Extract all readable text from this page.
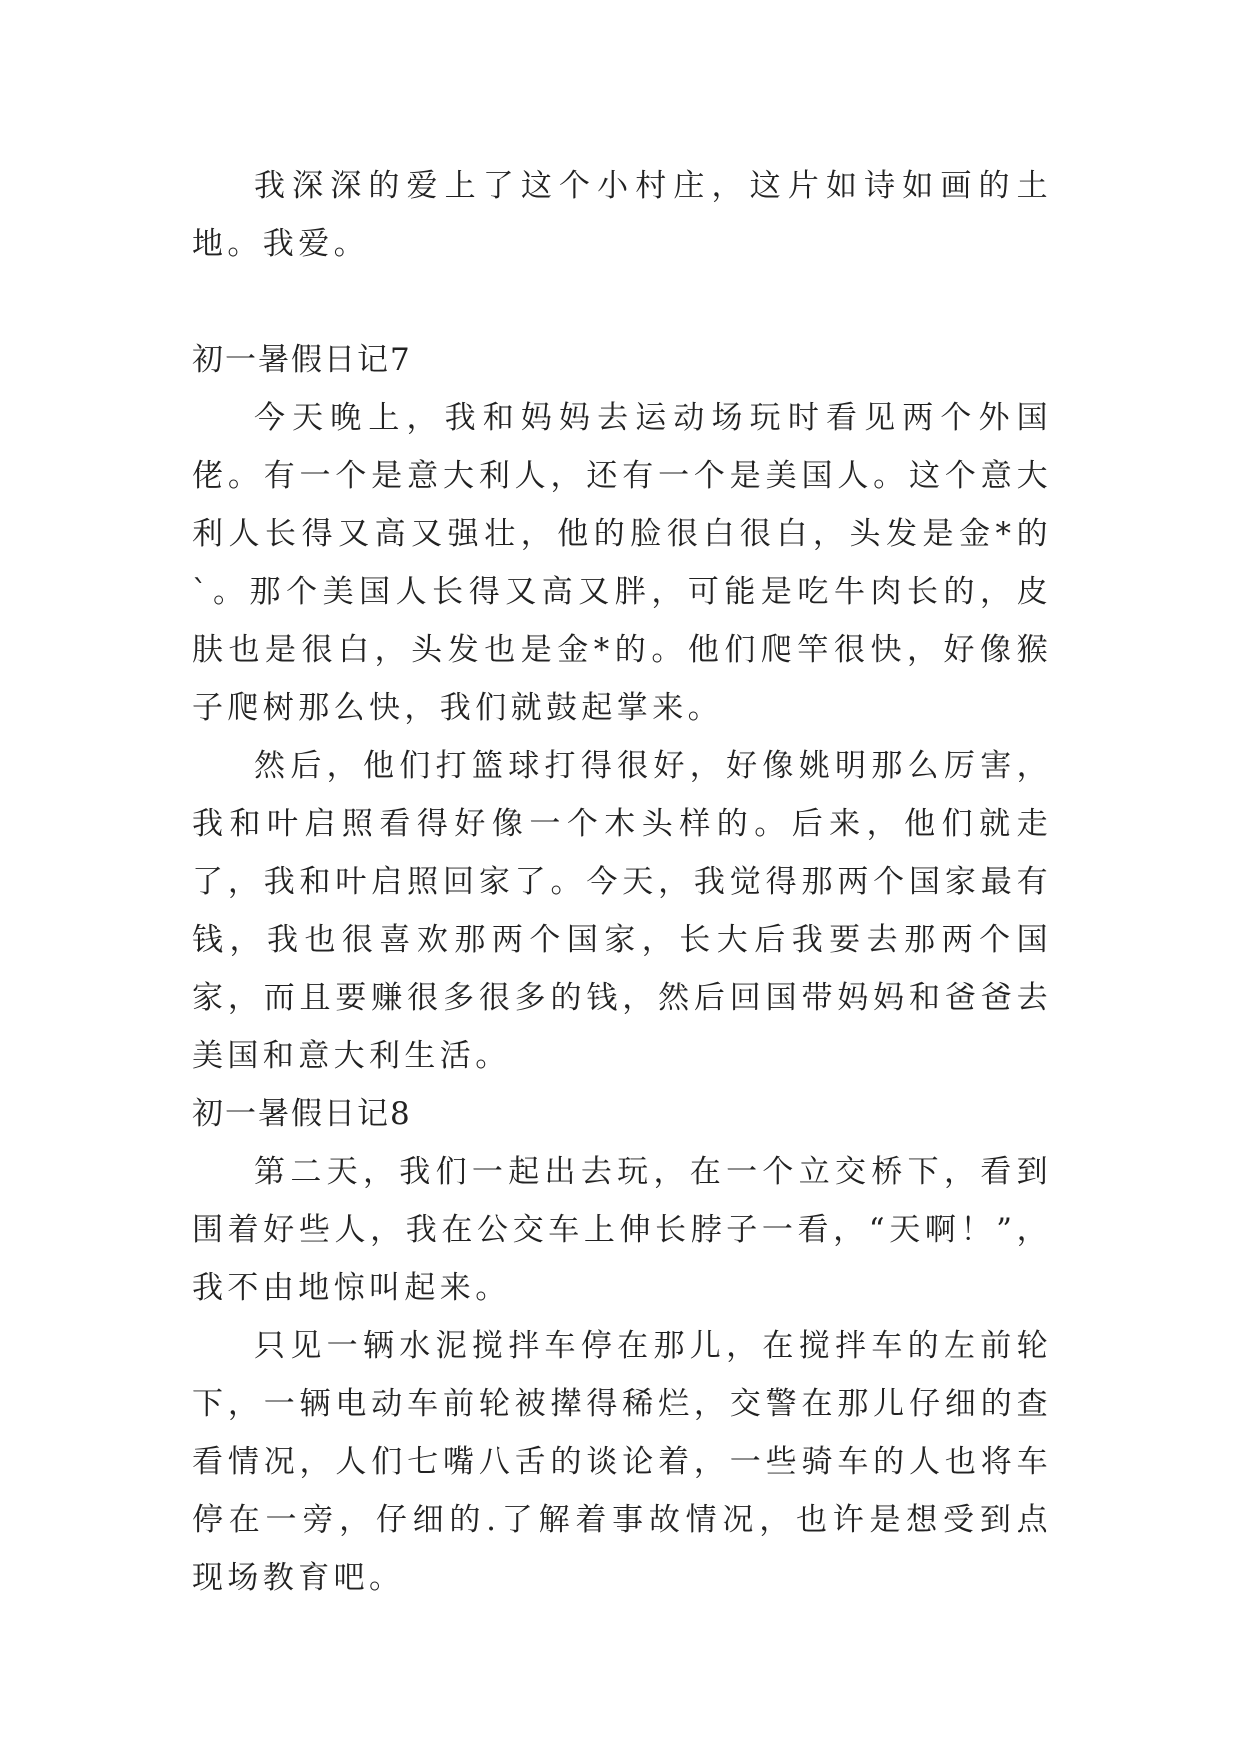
我深深的爱上了这个小村庄，这片如诗如画的土地。我爱。

初一暑假日记7

今天晚上，我和妈妈去运动场玩时看见两个外国佬。有一个是意大利人，还有一个是美国人。这个意大利人长得又高又强壮，他的脸很白很白，头发是金*的`。那个美国人长得又高又胖，可能是吃牛肉长的，皮肤也是很白，头发也是金*的。他们爬竿很快，好像猴子爬树那么快，我们就鼓起掌来。

然后，他们打篮球打得很好，好像姚明那么厉害，我和叶启照看得好像一个木头样的。后来，他们就走了，我和叶启照回家了。今天，我觉得那两个国家最有钱，我也很喜欢那两个国家，长大后我要去那两个国家，而且要赚很多很多的钱，然后回国带妈妈和爸爸去美国和意大利生活。

初一暑假日记8

第二天，我们一起出去玩，在一个立交桥下，看到围着好些人，我在公交车上伸长脖子一看，“天啊！”，我不由地惊叫起来。

只见一辆水泥搅拌车停在那儿，在搅拌车的左前轮下，一辆电动车前轮被撵得稀烂，交警在那儿仔细的查看情况，人们七嘴八舌的谈论着，一些骑车的人也将车停在一旁，仔细的.了解着事故情况，也许是想受到点现场教育吧。
